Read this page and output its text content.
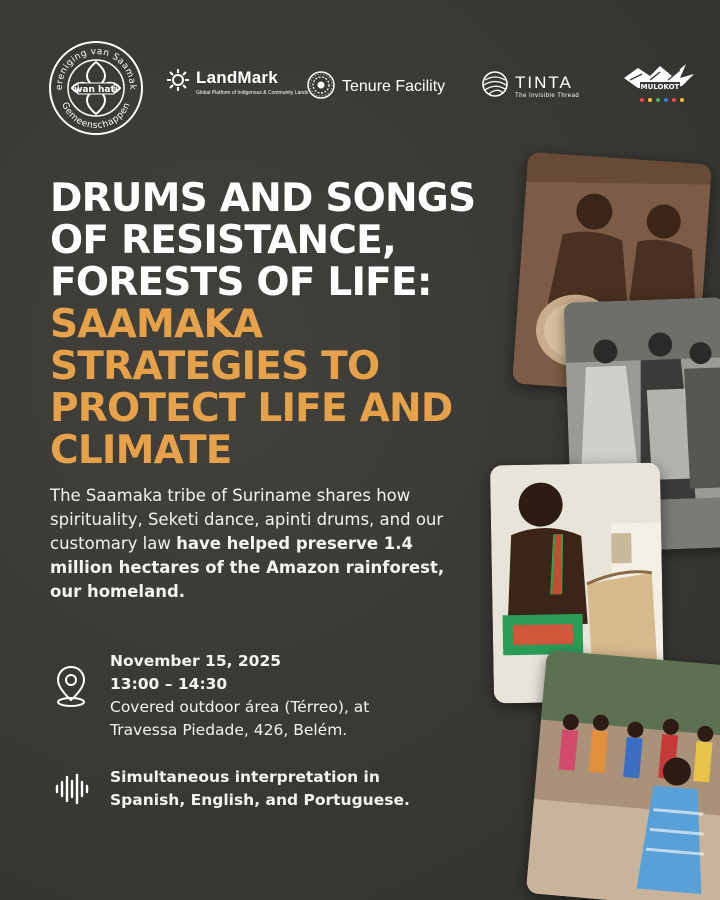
ereniging van Saamak
Gemeenschappen
wan hati
LandMark
Global Platform of Indigenous & Community Lands Tenure Facility	TINTA
The Invisible Thread
MULOKOT
DRUMS AND SONGS OF RESISTANCE, FORESTS OF LIFE:
SAAMAKA STRATEGIES TO PROTECT LIFE AND CLIMATE

The Saamaka tribe of Suriname shares how spirituality, Seketi dance, apinti drums, and our customary law have helped preserve 1.4 million hectares of the Amazon rainforest, our homeland.

November 15, 2025
13:00 – 14:30
Covered outdoor área (Térreo), at
Travessa Piedade, 426, Belém.
Simultaneous interpretation in
Spanish, English, and Portuguese.
